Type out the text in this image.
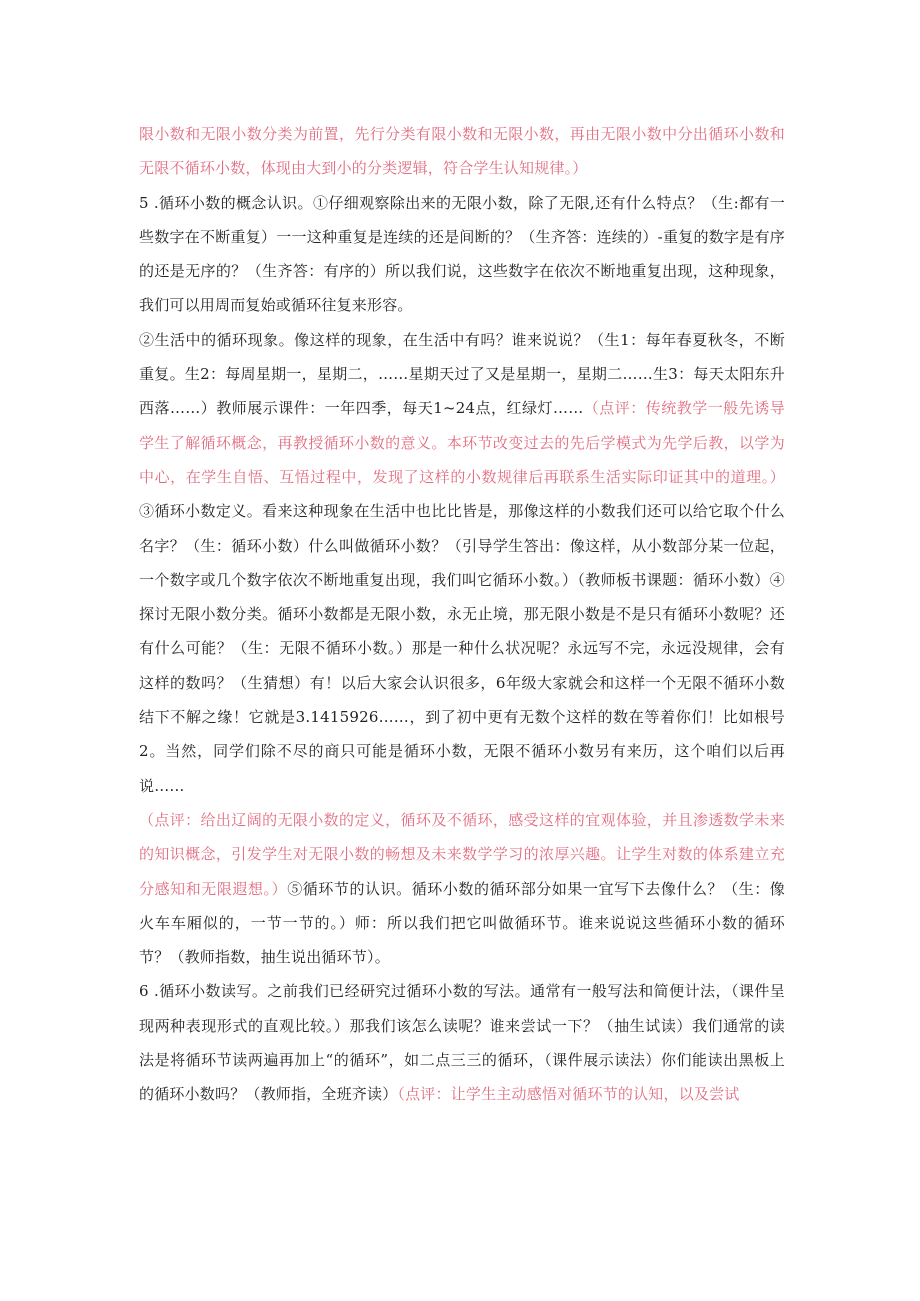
限小数和无限小数分类为前置，先行分类有限小数和无限小数，再由无限小数中分出循环小数和无限不循环小数，体现由大到小的分类逻辑，符合学生认知规律。）

5 .循环小数的概念认识。①仔细观察除出来的无限小数，除了无限,还有什么特点？（生:都有一些数字在不断重复）一一这种重复是连续的还是间断的？（生齐答：连续的）-重复的数字是有序的还是无序的？（生齐答：有序的）所以我们说，这些数字在依次不断地重复出现，这种现象，我们可以用周而复始或循环往复来形容。

②生活中的循环现象。像这样的现象，在生活中有吗？谁来说说？（生1：每年春夏秋冬，不断重复。生2：每周星期一，星期二，……星期天过了又是星期一，星期二……生3：每天太阳东升西落……）教师展示课件：一年四季，每天1~24点，红绿灯……（点评：传统教学一般先诱导学生了解循环概念，再教授循环小数的意义。本环节改变过去的先后学模式为先学后教，以学为中心，在学生自悟、互悟过程中，发现了这样的小数规律后再联系生活实际印证其中的道理。）③循环小数定义。看来这种现象在生活中也比比皆是，那像这样的小数我们还可以给它取个什么名字？（生：循环小数）什么叫做循环小数？（引导学生答出：像这样，从小数部分某一位起，一个数字或几个数字依次不断地重复出现，我们叫它循环小数。）（教师板书课题：循环小数）④探讨无限小数分类。循环小数都是无限小数，永无止境，那无限小数是不是只有循环小数呢？还有什么可能？（生：无限不循环小数。）那是一种什么状况呢？永远写不完，永远没规律，会有这样的数吗？（生猜想）有！以后大家会认识很多，6年级大家就会和这样一个无限不循环小数结下不解之缘！它就是3.1415926……，到了初中更有无数个这样的数在等着你们！比如根号2。当然，同学们除不尽的商只可能是循环小数，无限不循环小数另有来历，这个咱们以后再说……

（点评：给出辽阔的无限小数的定义，循环及不循环，感受这样的宜观体验，并且渗透数学未来的知识概念，引发学生对无限小数的畅想及未来数学学习的浓厚兴趣。让学生对数的体系建立充分感知和无限遐想。）⑤循环节的认识。循环小数的循环部分如果一宜写下去像什么？（生：像火车车厢似的，一节一节的。）师：所以我们把它叫做循环节。谁来说说这些循环小数的循环节？（教师指数，抽生说出循环节）。

6 .循环小数读写。之前我们已经研究过循环小数的写法。通常有一般写法和简便计法，（课件呈现两种表现形式的直观比较。）那我们该怎么读呢？谁来尝试一下？（抽生试读）我们通常的读法是将循环节读两遍再加上“的循环”，如二点三三的循环，（课件展示读法）你们能读出黑板上的循环小数吗？（教师指，全班齐读）（点评：让学生主动感悟对循环节的认知，以及尝试
